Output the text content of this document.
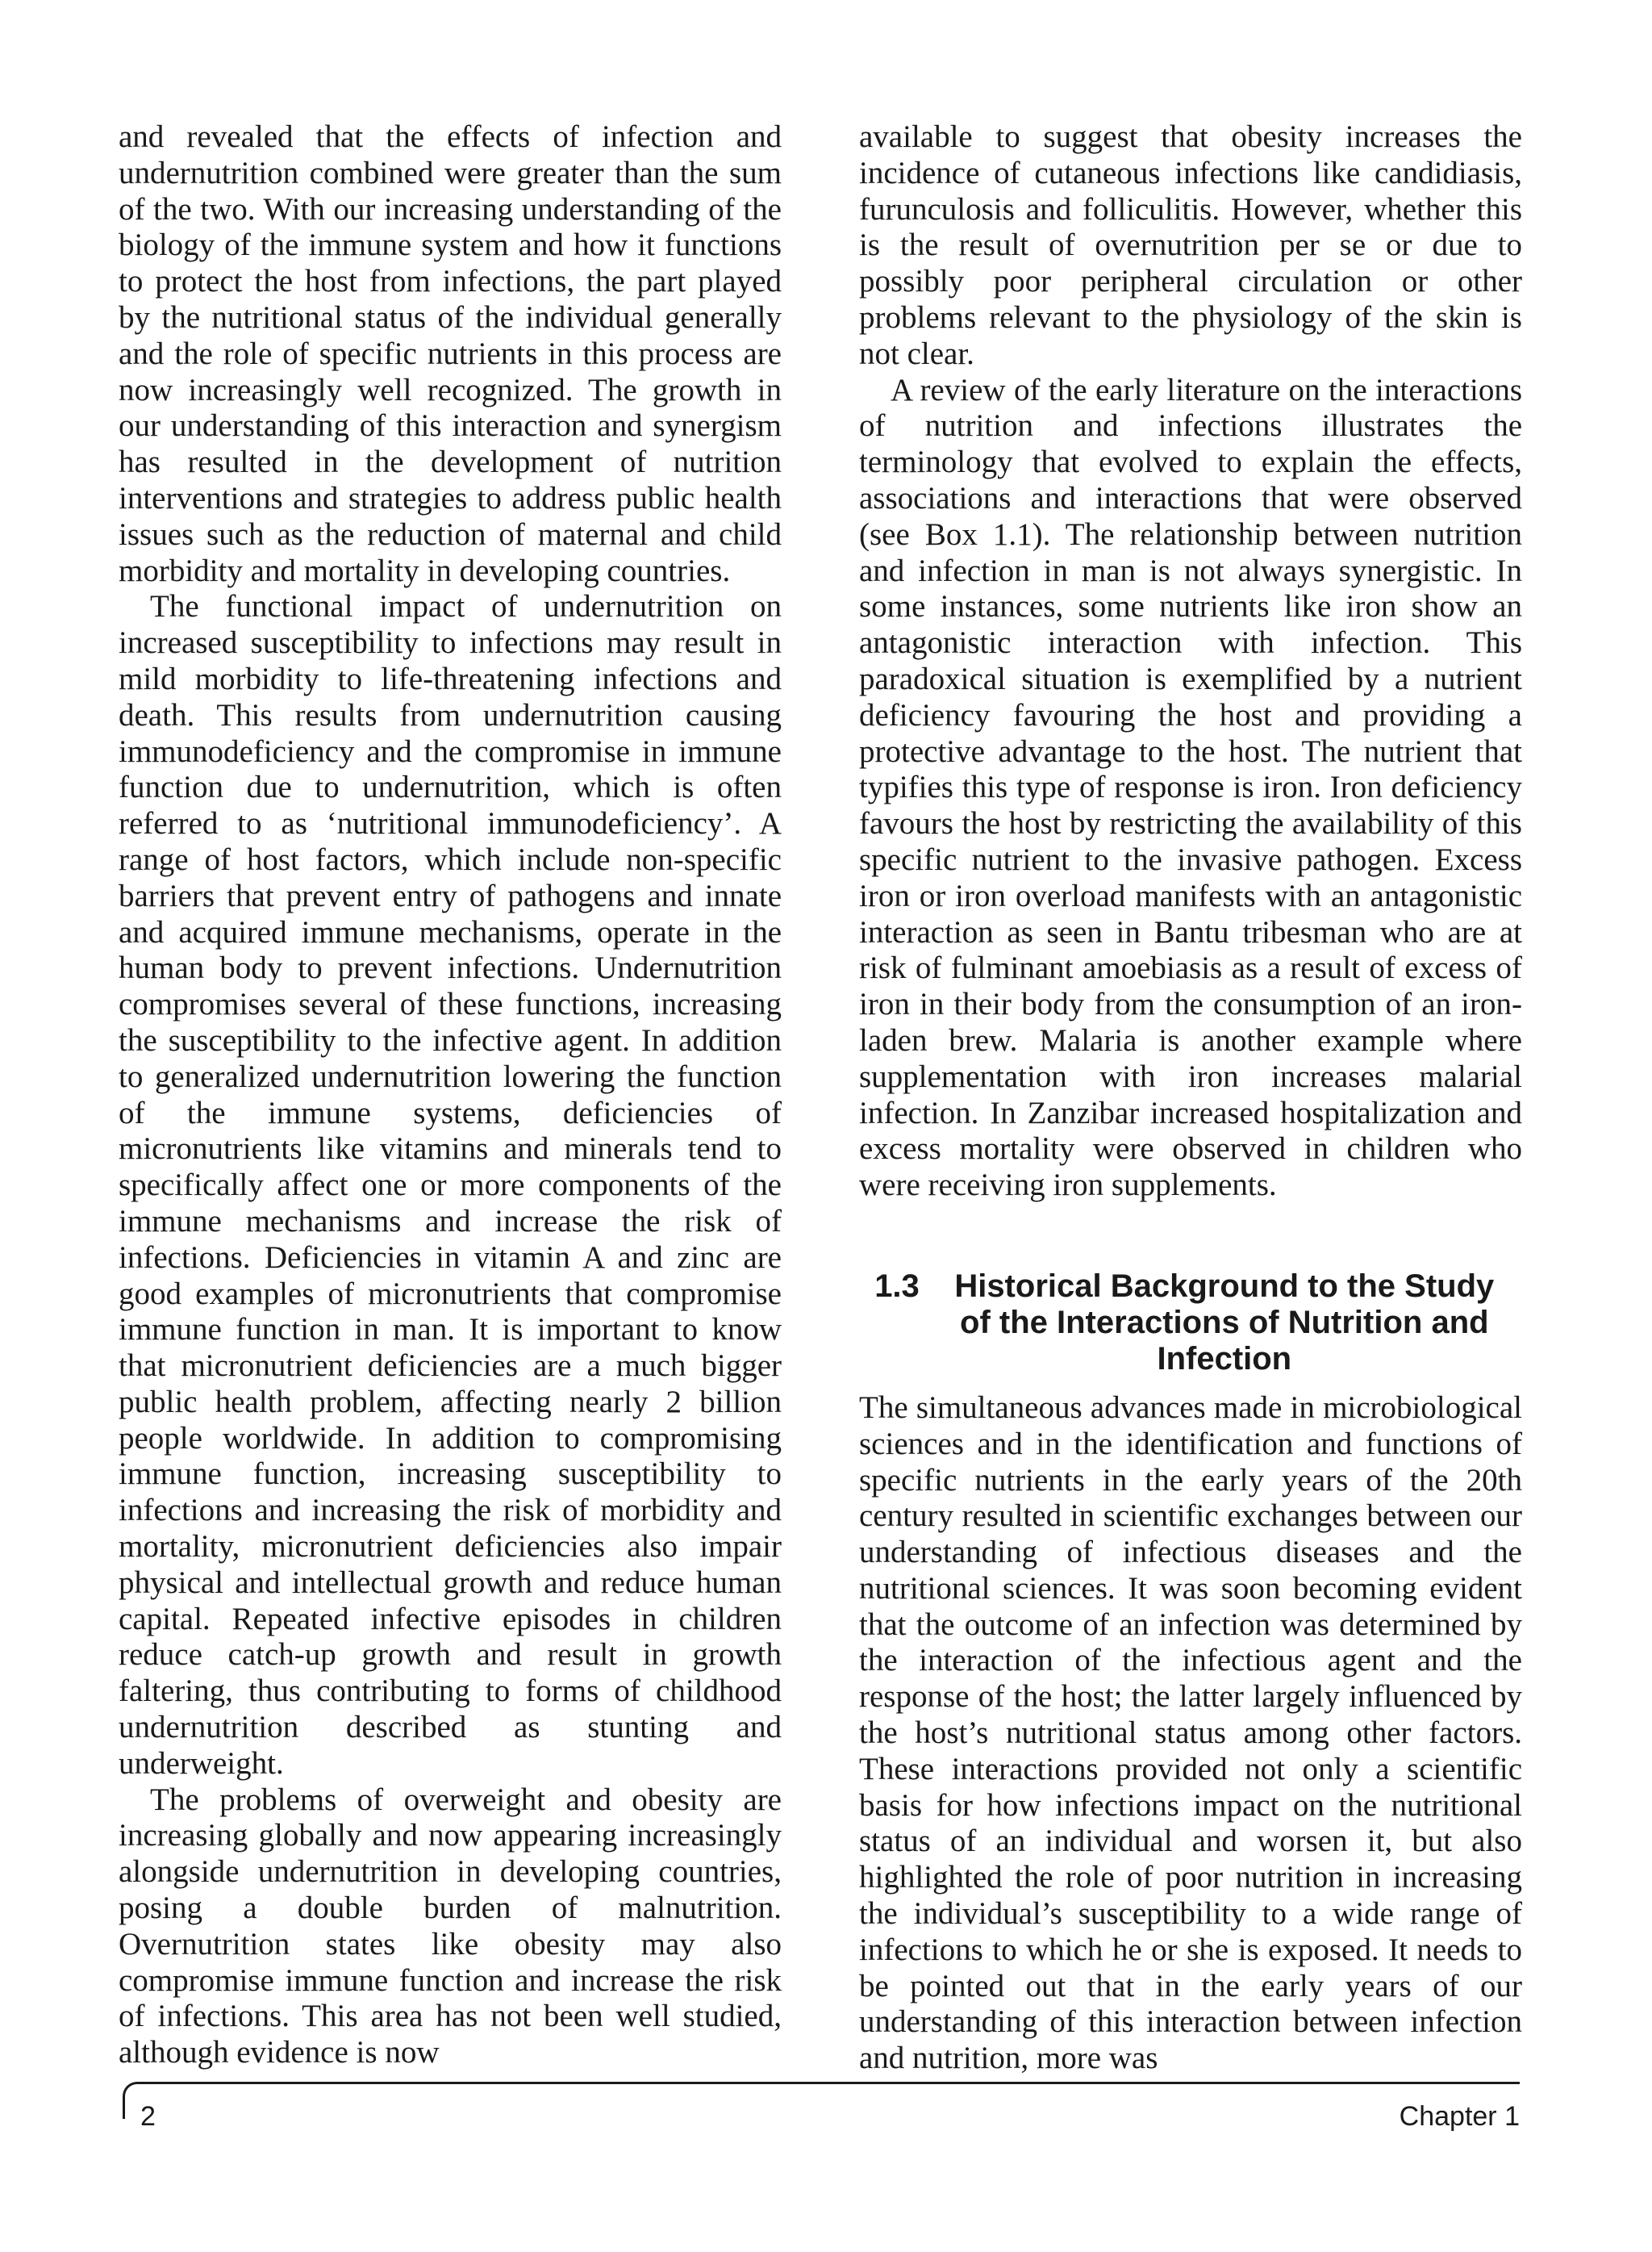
and revealed that the effects of infection and undernutrition combined were greater than the sum of the two. With our increasing understanding of the biology of the immune system and how it functions to protect the host from infections, the part played by the nutritional status of the individual generally and the role of specific nutrients in this process are now increasingly well recognized. The growth in our understanding of this interaction and synergism has resulted in the development of nutrition interventions and strategies to address public health issues such as the reduction of maternal and child morbidity and mortality in developing countries.

The functional impact of undernutrition on increased susceptibility to infections may result in mild morbidity to life-threatening infections and death. This results from undernutrition causing immunodeficiency and the compromise in immune function due to undernutrition, which is often referred to as ‘nutritional immunodeficiency’. A range of host factors, which include non-specific barriers that prevent entry of pathogens and innate and acquired immune mechanisms, operate in the human body to prevent infections. Undernutrition compromises several of these functions, increasing the susceptibility to the infective agent. In addition to generalized undernutrition lowering the function of the immune systems, deficiencies of micronutrients like vitamins and minerals tend to specifically affect one or more components of the immune mechanisms and increase the risk of infections. Deficiencies in vitamin A and zinc are good examples of micronutrients that compromise immune function in man. It is important to know that micronutrient deficiencies are a much bigger public health problem, affecting nearly 2 billion people worldwide. In addition to compromising immune function, increasing susceptibility to infections and increasing the risk of morbidity and mortality, micronutrient deficiencies also impair physical and intellectual growth and reduce human capital. Repeated infective episodes in children reduce catch-up growth and result in growth faltering, thus contributing to forms of childhood undernutrition described as stunting and underweight.

The problems of overweight and obesity are increasing globally and now appearing increasingly alongside undernutrition in developing countries, posing a double burden of malnutrition. Overnutrition states like obesity may also compromise immune function and increase the risk of infections. This area has not been well studied, although evidence is now

available to suggest that obesity increases the incidence of cutaneous infections like candidiasis, furunculosis and folliculitis. However, whether this is the result of overnutrition per se or due to possibly poor peripheral circulation or other problems relevant to the physiology of the skin is not clear.

A review of the early literature on the interactions of nutrition and infections illustrates the terminology that evolved to explain the effects, associations and interactions that were observed (see Box 1.1). The relationship between nutrition and infection in man is not always synergistic. In some instances, some nutrients like iron show an antagonistic interaction with infection. This paradoxical situation is exemplified by a nutrient deficiency favouring the host and providing a protective advantage to the host. The nutrient that typifies this type of response is iron. Iron deficiency favours the host by restricting the availability of this specific nutrient to the invasive pathogen. Excess iron or iron overload manifests with an antagonistic interaction as seen in Bantu tribesman who are at risk of fulminant amoebiasis as a result of excess of iron in their body from the consumption of an iron-laden brew. Malaria is another example where supplementation with iron increases malarial infection. In Zanzibar increased hospitalization and excess mortality were observed in children who were receiving iron supplements.

1.3	Historical Background to the Study of the Interactions of Nutrition and Infection

The simultaneous advances made in microbiological sciences and in the identification and functions of specific nutrients in the early years of the 20th century resulted in scientific exchanges between our understanding of infectious diseases and the nutritional sciences. It was soon becoming evident that the outcome of an infection was determined by the interaction of the infectious agent and the response of the host; the latter largely influenced by the host’s nutritional status among other factors. These interactions provided not only a scientific basis for how infections impact on the nutritional status of an individual and worsen it, but also highlighted the role of poor nutrition in increasing the individual’s susceptibility to a wide range of infections to which he or she is exposed. It needs to be pointed out that in the early years of our understanding of this interaction between infection and nutrition, more was

2	Chapter 1
